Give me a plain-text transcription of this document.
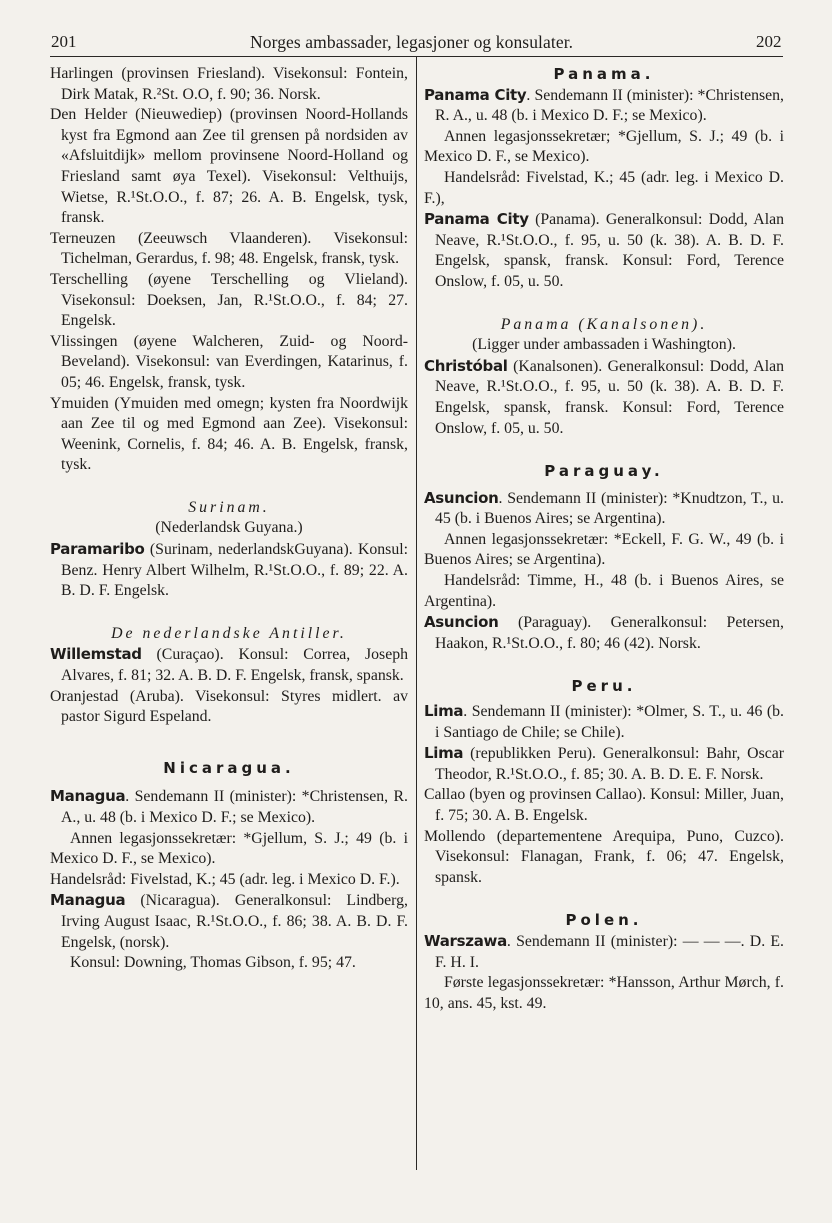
201	Norges ambassader, legasjoner og konsulater.	202

Harlingen (provinsen Friesland). Visekonsul: Fontein, Dirk Matak, R.²St. O.O, f. 90; 36. Norsk.

Den Helder (Nieuwediep) (provinsen Noord-Hollands kyst fra Egmond aan Zee til grensen på nordsiden av «Afsluitdijk» mellom provinsene Noord-Holland og Friesland samt øya Texel). Visekonsul: Velthuijs, Wietse, R.¹St.O.O., f. 87; 26. A. B. Engelsk, tysk, fransk.

Terneuzen (Zeeuwsch Vlaanderen). Visekonsul: Tichelman, Gerardus, f. 98; 48. Engelsk, fransk, tysk.

Terschelling (øyene Terschelling og Vlieland). Visekonsul: Doeksen, Jan, R.¹St.O.O., f. 84; 27. Engelsk.

Vlissingen (øyene Walcheren, Zuid- og Noord-Beveland). Visekonsul: van Everdingen, Katarinus, f. 05; 46. Engelsk, fransk, tysk.

Ymuiden (Ymuiden med omegn; kysten fra Noordwijk aan Zee til og med Egmond aan Zee). Visekonsul: Weenink, Cornelis, f. 84; 46. A. B. Engelsk, fransk, tysk.

Surinam.

(Nederlandsk Guyana.)

Paramaribo (Surinam, nederlandskGuyana). Konsul: Benz. Henry Albert Wilhelm, R.¹St.O.O., f. 89; 22. A. B. D. F. Engelsk.

De nederlandske Antiller.

Willemstad (Curaçao). Konsul: Correa, Joseph Alvares, f. 81; 32. A. B. D. F. Engelsk, fransk, spansk.

Oranjestad (Aruba). Visekonsul: Styres midlert. av pastor Sigurd Espeland.

Nicaragua.

Managua. Sendemann II (minister): *Christensen, R. A., u. 48 (b. i Mexico D. F.; se Mexico).

Annen legasjonssekretær: *Gjellum, S. J.; 49 (b. i Mexico D. F., se Mexico).

Handelsråd: Fivelstad, K.; 45 (adr. leg. i Mexico D. F.).

Managua (Nicaragua). Generalkonsul: Lindberg, Irving August Isaac, R.¹St.O.O., f. 86; 38. A. B. D. F. Engelsk, (norsk).

Konsul: Downing, Thomas Gibson, f. 95; 47.

Panama.

Panama City. Sendemann II (minister): *Christensen, R. A., u. 48 (b. i Mexico D. F.; se Mexico).

Annen legasjonssekretær; *Gjellum, S. J.; 49 (b. i Mexico D. F., se Mexico).

Handelsråd: Fivelstad, K.; 45 (adr. leg. i Mexico D. F.),

Panama City (Panama). Generalkonsul: Dodd, Alan Neave, R.¹St.O.O., f. 95, u. 50 (k. 38). A. B. D. F. Engelsk, spansk, fransk. Konsul: Ford, Terence Onslow, f. 05, u. 50.

Panama (Kanalsonen).

(Ligger under ambassaden i Washington).

Christóbal (Kanalsonen). Generalkonsul: Dodd, Alan Neave, R.¹St.O.O., f. 95, u. 50 (k. 38). A. B. D. F. Engelsk, spansk, fransk. Konsul: Ford, Terence Onslow, f. 05, u. 50.

Paraguay.

Asuncion. Sendemann II (minister): *Knudtzon, T., u. 45 (b. i Buenos Aires; se Argentina).

Annen legasjonssekretær: *Eckell, F. G. W., 49 (b. i Buenos Aires; se Argentina).

Handelsråd: Timme, H., 48 (b. i Buenos Aires, se Argentina).

Asuncion (Paraguay). Generalkonsul: Petersen, Haakon, R.¹St.O.O., f. 80; 46 (42). Norsk.

Peru.

Lima. Sendemann II (minister): *Olmer, S. T., u. 46 (b. i Santiago de Chile; se Chile).

Lima (republikken Peru). Generalkonsul: Bahr, Oscar Theodor, R.¹St.O.O., f. 85; 30. A. B. D. E. F. Norsk.

Callao (byen og provinsen Callao). Konsul: Miller, Juan, f. 75; 30. A. B. Engelsk.

Mollendo (departementene Arequipa, Puno, Cuzco). Visekonsul: Flanagan, Frank, f. 06; 47. Engelsk, spansk.

Polen.

Warszawa. Sendemann II (minister): — — —. D. E. F. H. I.

Første legasjonssekretær: *Hansson, Arthur Mørch, f. 10, ans. 45, kst. 49.
